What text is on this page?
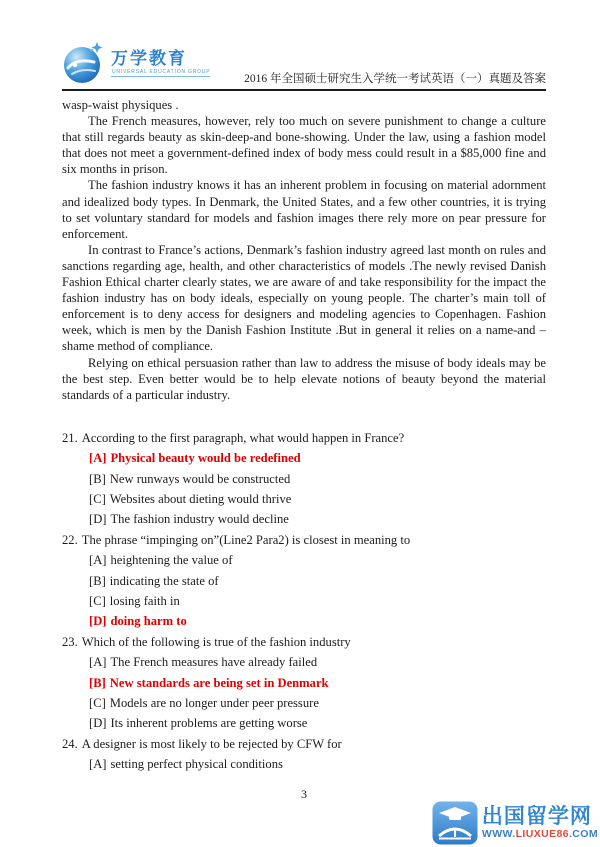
万学教育
UNIVERSAL EDUCATION GROUP
2016 年全国硕士研究生入学统一考试英语（一）真题及答案

wasp-waist physiques .

The French measures, however, rely too much on severe punishment to change a culture that still regards beauty as skin-deep-and bone-showing. Under the law, using a fashion model that does not meet a government-defined index of body mess could result in a $85,000 fine and six months in prison.

The fashion industry knows it has an inherent problem in focusing on material adornment and idealized body types. In Denmark, the United States, and a few other countries, it is trying to set voluntary standard for models and fashion images there rely more on pear pressure for enforcement.

In contrast to France’s actions, Denmark’s fashion industry agreed last month on rules and sanctions regarding age, health, and other characteristics of models .The newly revised Danish Fashion Ethical charter clearly states, we are aware of and take responsibility for the impact the fashion industry has on body ideals, especially on young people. The charter’s main toll of enforcement is to deny access for designers and modeling agencies to Copenhagen. Fashion week, which is men by the Danish Fashion Institute .But in general it relies on a name-and –shame method of compliance.

Relying on ethical persuasion rather than law to address the misuse of body ideals may be the best step. Even better would be to help elevate notions of beauty beyond the material standards of a particular industry.

21. According to the first paragraph, what would happen in France?
[A] Physical beauty would be redefined
[B] New runways would be constructed
[C] Websites about dieting would thrive
[D] The fashion industry would decline
22. The phrase “impinging on”(Line2 Para2) is closest in meaning to
[A] heightening the value of
[B] indicating the state of
[C] losing faith in
[D] doing harm to
23. Which of the following is true of the fashion industry
[A] The French measures have already failed
[B] New standards are being set in Denmark
[C] Models are no longer under peer pressure
[D] Its inherent problems are getting worse
24. A designer is most likely to be rejected by CFW for
[A] setting perfect physical conditions
3
出国留学网
WWW.LIUXUE86.COM
